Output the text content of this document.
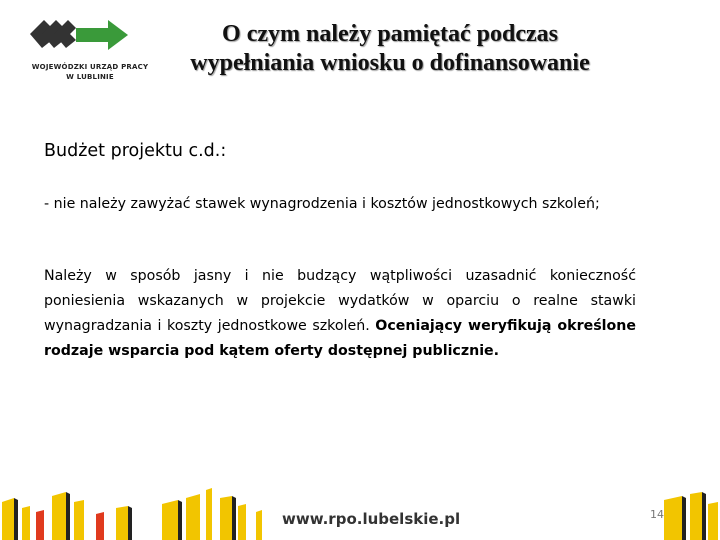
WOJEWÓDZKI URZĄD PRACY
W LUBLINIE
O czym należy pamiętać podczas
wypełniania wniosku o dofinansowanie
Budżet projektu c.d.:
- nie należy zawyżać stawek wynagrodzenia i kosztów jednostkowych szkoleń;
Należy w sposób jasny i nie budzący wątpliwości uzasadnić konieczność poniesienia wskazanych w projekcie wydatków w oparciu o realne stawki wynagradzania i koszty jednostkowe szkoleń. Oceniający weryfikują określone rodzaje wsparcia pod kątem oferty dostępnej publicznie.
www.rpo.lubelskie.pl	14
